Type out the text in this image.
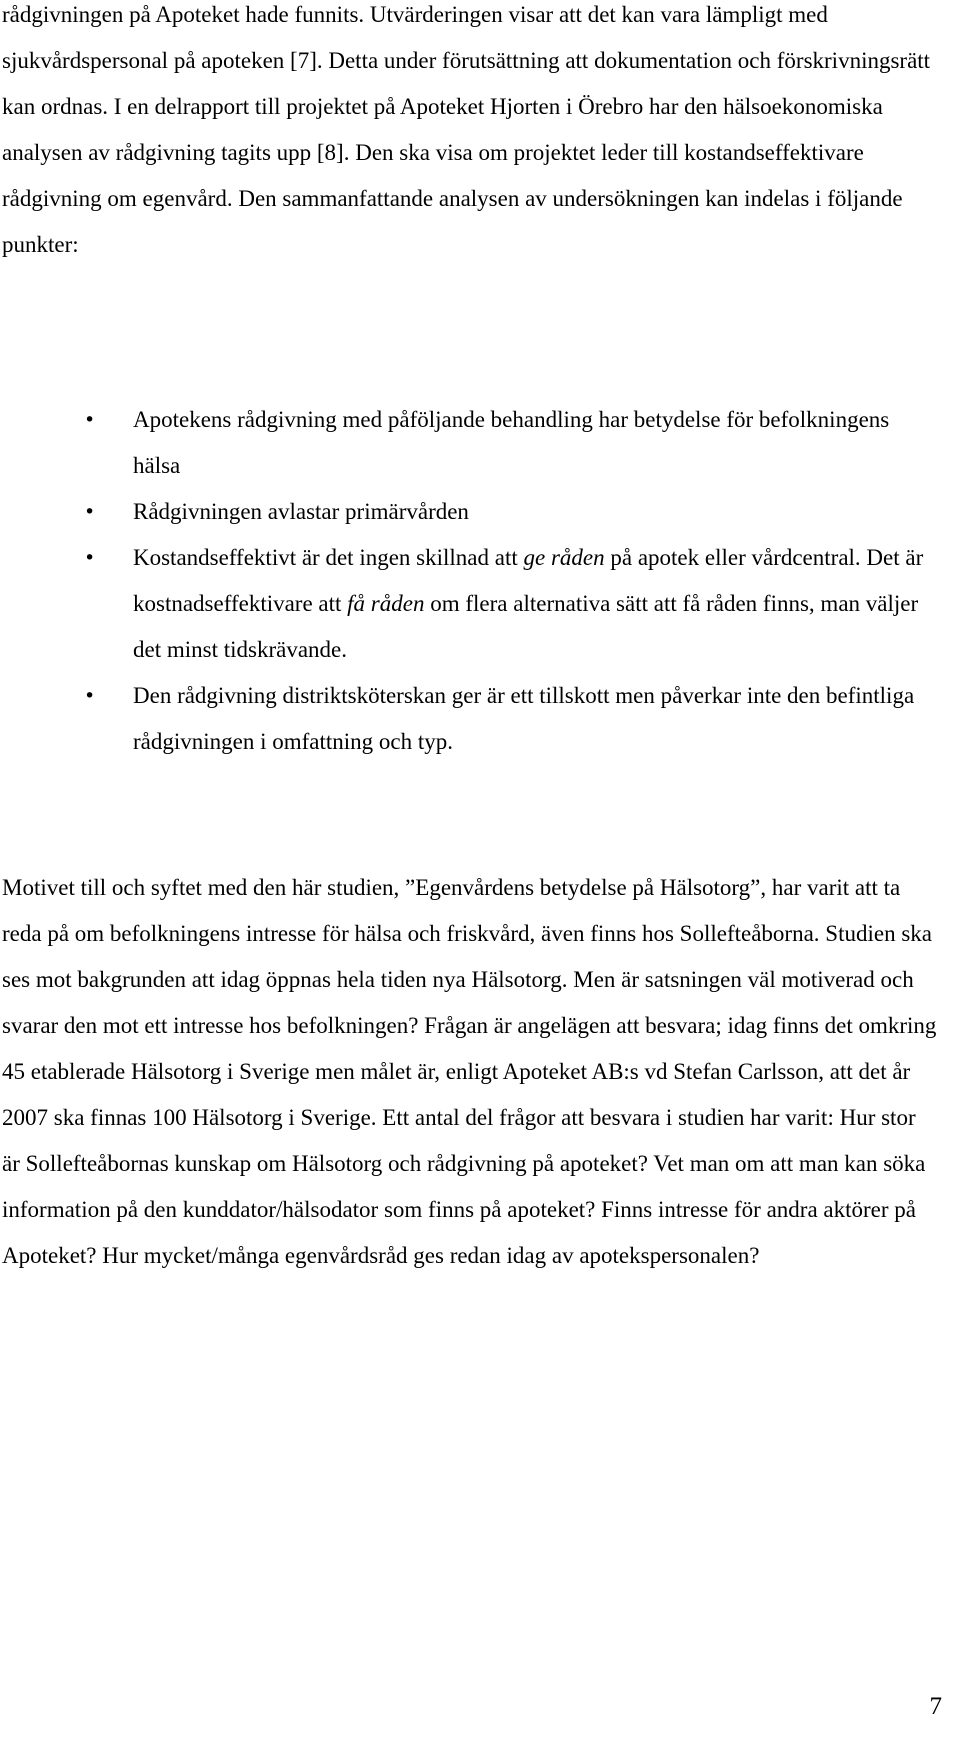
rådgivningen på Apoteket hade funnits. Utvärderingen visar att det kan vara lämpligt med sjukvårdspersonal på apoteken [7]. Detta under förutsättning att dokumentation och förskrivningsrätt kan ordnas. I en delrapport till projektet på Apoteket Hjorten i Örebro har den hälsoekonomiska analysen av rådgivning tagits upp [8]. Den ska visa om projektet leder till kostandseffektivare rådgivning om egenvård. Den sammanfattande analysen av undersökningen kan indelas i följande punkter:

• Apotekens rådgivning med påföljande behandling har betydelse för befolkningens hälsa
• Rådgivningen avlastar primärvården
• Kostandseffektivt är det ingen skillnad att ge råden på apotek eller vårdcentral. Det är kostnadseffektivare att få råden om flera alternativa sätt att få råden finns, man väljer det minst tidskrävande.
• Den rådgivning distriktsköterskan ger är ett tillskott men påverkar inte den befintliga rådgivningen i omfattning och typ.

Motivet till och syftet med den här studien, ”Egenvårdens betydelse på Hälsotorg”, har varit att ta reda på om befolkningens intresse för hälsa och friskvård, även finns hos Sollefteåborna. Studien ska ses mot bakgrunden att idag öppnas hela tiden nya Hälsotorg. Men är satsningen väl motiverad och svarar den mot ett intresse hos befolkningen? Frågan är angelägen att besvara; idag finns det omkring 45 etablerade Hälsotorg i Sverige men målet är, enligt Apoteket AB:s vd Stefan Carlsson, att det år 2007 ska finnas 100 Hälsotorg i Sverige. Ett antal del frågor att besvara i studien har varit: Hur stor är Sollefteåbornas kunskap om Hälsotorg och rådgivning på apoteket? Vet man om att man kan söka information på den kunddator/hälsodator som finns på apoteket? Finns intresse för andra aktörer på Apoteket? Hur mycket/många egenvårdsråd ges redan idag av apotekspersonalen?

7
